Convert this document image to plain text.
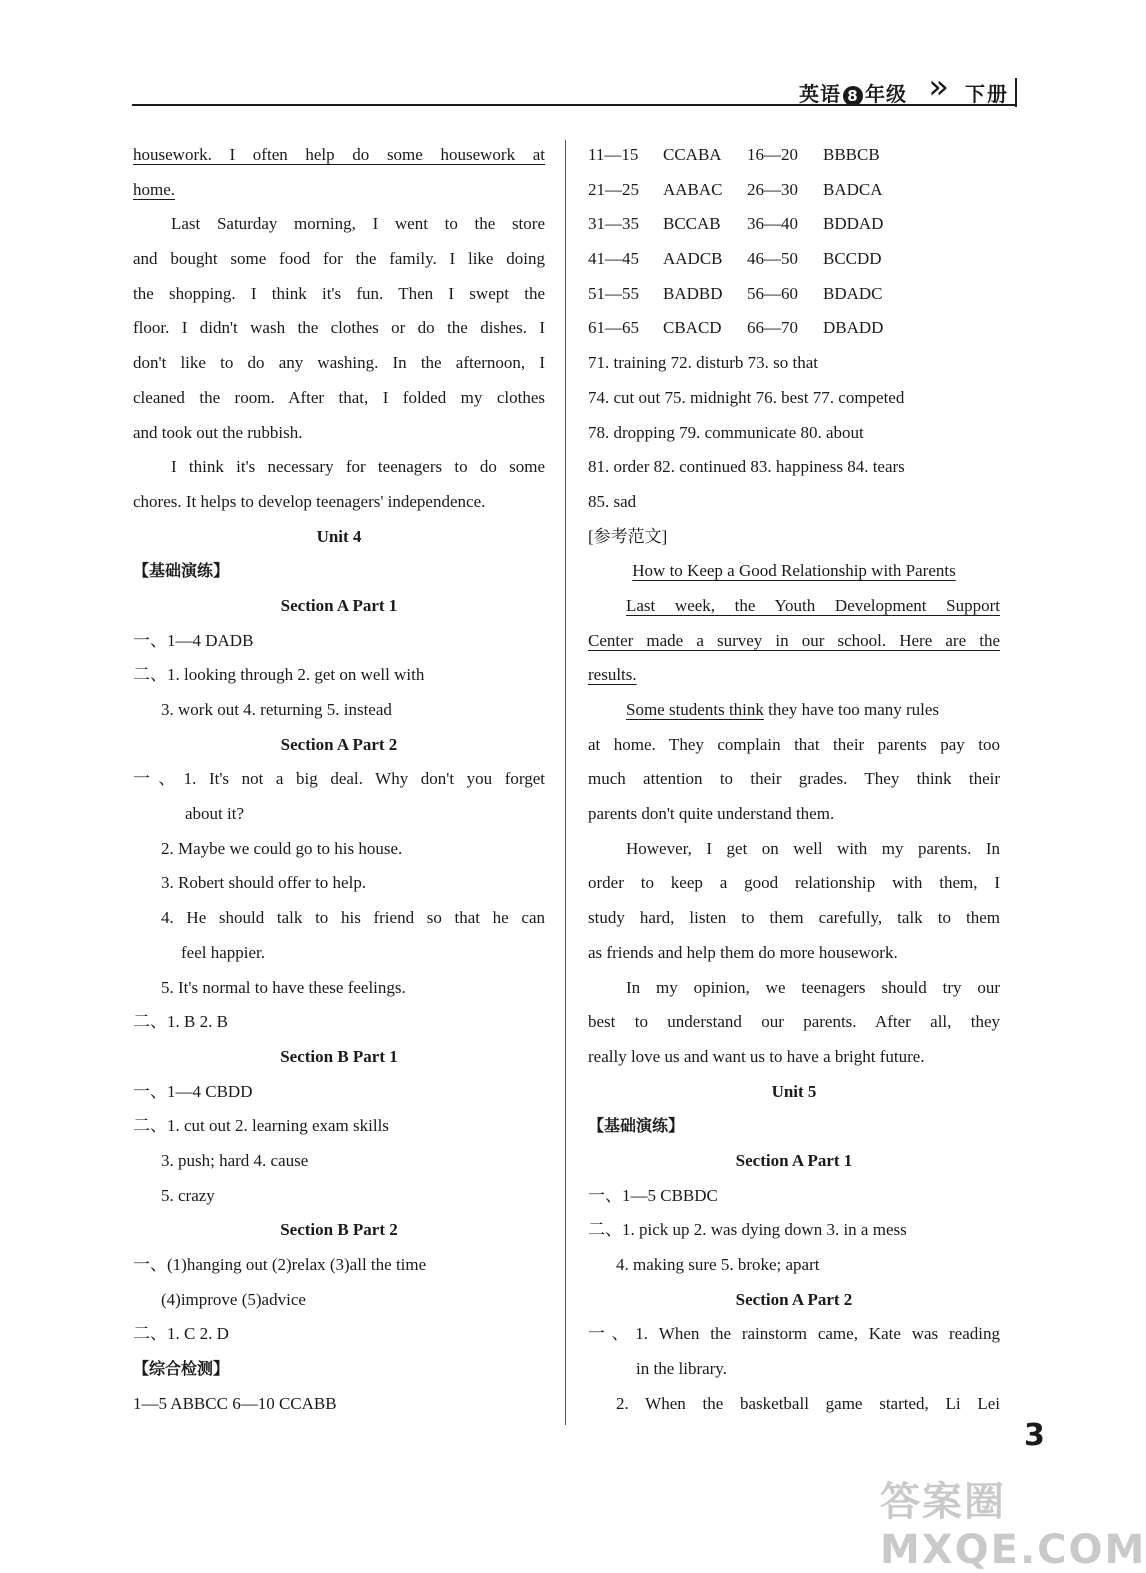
英语 8 年级 » 下册
housework. I often help do some housework at
home.
Last Saturday morning, I went to the store
and bought some food for the family. I like doing
the shopping. I think it's fun. Then I swept the
floor. I didn't wash the clothes or do the dishes. I
don't like to do any washing. In the afternoon, I
cleaned the room. After that, I folded my clothes
and took out the rubbish.
I think it's necessary for teenagers to do some
chores. It helps to develop teenagers' independence.
Unit 4
【基础演练】
Section A Part 1
一、1—4 DADB
二、1. looking through 2. get on well with
3. work out 4. returning 5. instead
Section A Part 2
一、1. It's not a big deal. Why don't you forget
about it?
2. Maybe we could go to his house.
3. Robert should offer to help.
4. He should talk to his friend so that he can
feel happier.
5. It's normal to have these feelings.
二、1. B 2. B
Section B Part 1
一、1—4 CBDD
二、1. cut out 2. learning exam skills
3. push; hard 4. cause
5. crazy
Section B Part 2
一、(1)hanging out (2)relax (3)all the time
(4)improve (5)advice
二、1. C 2. D
【综合检测】
1—5 ABBCC 6—10 CCABB
11—15 CCABA 16—20 BBBCB
21—25 AABAC 26—30 BADCA
31—35 BCCAB 36—40 BDDAD
41—45 AADCB 46—50 BCCDD
51—55 BADBD 56—60 BDADC
61—65 CBACD 66—70 DBADD
71. training 72. disturb 73. so that
74. cut out 75. midnight 76. best 77. competed
78. dropping 79. communicate 80. about
81. order 82. continued 83. happiness 84. tears
85. sad
[参考范文]
How to Keep a Good Relationship with Parents
Last week, the Youth Development Support
Center made a survey in our school. Here are the
results.
Some students think they have too many rules
at home. They complain that their parents pay too
much attention to their grades. They think their
parents don't quite understand them.
However, I get on well with my parents. In
order to keep a good relationship with them, I
study hard, listen to them carefully, talk to them
as friends and help them do more housework.
In my opinion, we teenagers should try our
best to understand our parents. After all, they
really love us and want us to have a bright future.
Unit 5
【基础演练】
Section A Part 1
一、1—5 CBBDC
二、1. pick up 2. was dying down 3. in a mess
4. making sure 5. broke; apart
Section A Part 2
一、1. When the rainstorm came, Kate was reading
in the library.
2. When the basketball game started, Li Lei
3
答案圈 MXQE.COM
